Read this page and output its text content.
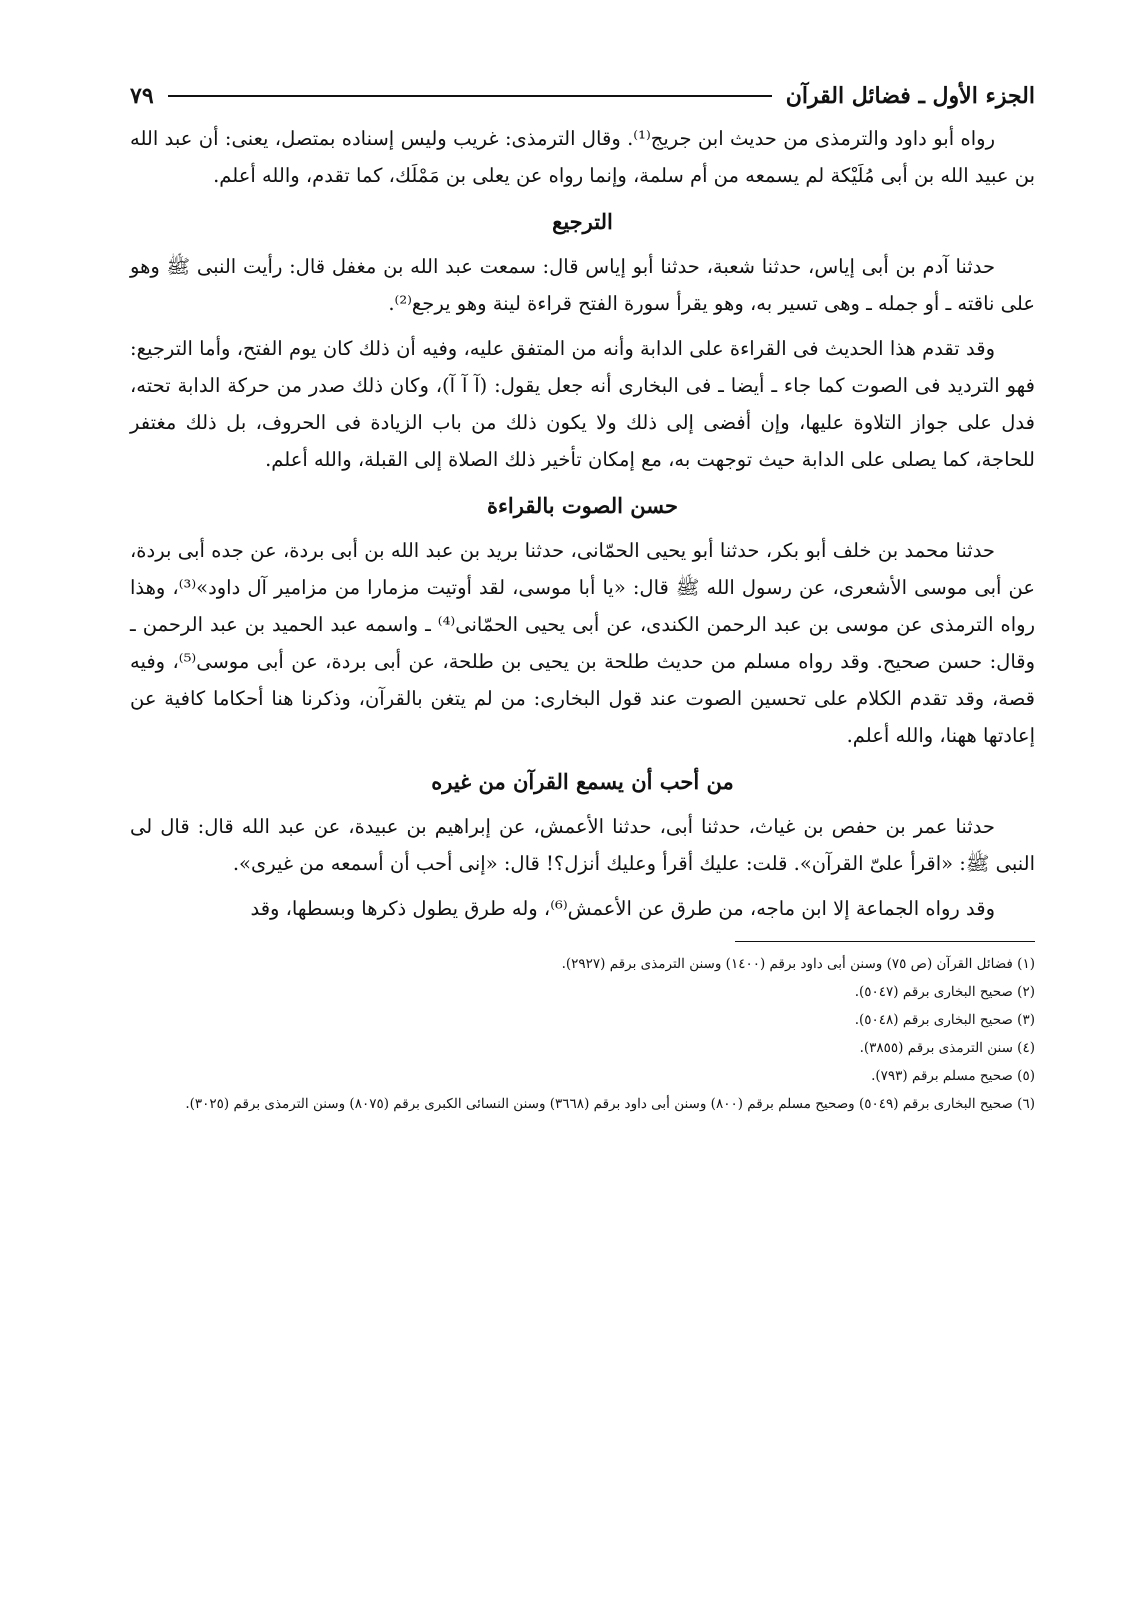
الجزء الأول ـ فضائل القرآن
٧٩

رواه أبو داود والترمذى من حديث ابن جريج⁽¹⁾. وقال الترمذى: غريب وليس إسناده بمتصل، يعنى: أن عبد الله بن عبيد الله بن أبى مُلَيْكة لم يسمعه من أم سلمة، وإنما رواه عن يعلى بن مَمْلَك، كما تقدم، والله أعلم.

الترجيع

حدثنا آدم بن أبى إياس، حدثنا شعبة، حدثنا أبو إياس قال: سمعت عبد الله بن مغفل قال: رأيت النبى ﷺ وهو على ناقته ـ أو جمله ـ وهى تسير به، وهو يقرأ سورة الفتح قراءة لينة وهو يرجع⁽²⁾.

وقد تقدم هذا الحديث فى القراءة على الدابة وأنه من المتفق عليه، وفيه أن ذلك كان يوم الفتح، وأما الترجيع: فهو الترديد فى الصوت كما جاء ـ أيضا ـ فى البخارى أنه جعل يقول: (آ آ آ)، وكان ذلك صدر من حركة الدابة تحته، فدل على جواز التلاوة عليها، وإن أفضى إلى ذلك ولا يكون ذلك من باب الزيادة فى الحروف، بل ذلك مغتفر للحاجة، كما يصلى على الدابة حيث توجهت به، مع إمكان تأخير ذلك الصلاة إلى القبلة، والله أعلم.

حسن الصوت بالقراءة

حدثنا محمد بن خلف أبو بكر، حدثنا أبو يحيى الحمّانى، حدثنا بريد بن عبد الله بن أبى بردة، عن جده أبى بردة، عن أبى موسى الأشعرى، عن رسول الله ﷺ قال: «يا أبا موسى، لقد أوتيت مزمارا من مزامير آل داود»⁽³⁾، وهذا رواه الترمذى عن موسى بن عبد الرحمن الكندى، عن أبى يحيى الحمّانى⁽⁴⁾ ـ واسمه عبد الحميد بن عبد الرحمن ـ وقال: حسن صحيح. وقد رواه مسلم من حديث طلحة بن يحيى بن طلحة، عن أبى بردة، عن أبى موسى⁽⁵⁾، وفيه قصة، وقد تقدم الكلام على تحسين الصوت عند قول البخارى: من لم يتغن بالقرآن، وذكرنا هنا أحكاما كافية عن إعادتها ههنا، والله أعلم.

من أحب أن يسمع القرآن من غيره

حدثنا عمر بن حفص بن غياث، حدثنا أبى، حدثنا الأعمش، عن إبراهيم بن عبيدة، عن عبد الله قال: قال لى النبى ﷺ: «اقرأ علىّ القرآن». قلت: عليك أقرأ وعليك أنزل؟! قال: «إنى أحب أن أسمعه من غيرى».

وقد رواه الجماعة إلا ابن ماجه، من طرق عن الأعمش⁽⁶⁾، وله طرق يطول ذكرها وبسطها، وقد

(١) فضائل القرآن (ص ٧٥) وسنن أبى داود برقم (١٤٠٠) وسنن الترمذى برقم (٢٩٢٧).

(٢) صحيح البخارى برقم (٥٠٤٧).

(٣) صحيح البخارى برقم (٥٠٤٨).

(٤) سنن الترمذى برقم (٣٨٥٥).

(٥) صحيح مسلم برقم (٧٩٣).

(٦) صحيح البخارى برقم (٥٠٤٩) وصحيح مسلم برقم (٨٠٠) وسنن أبى داود برقم (٣٦٦٨) وسنن النسائى الكبرى برقم (٨٠٧٥) وسنن الترمذى برقم (٣٠٢٥).
